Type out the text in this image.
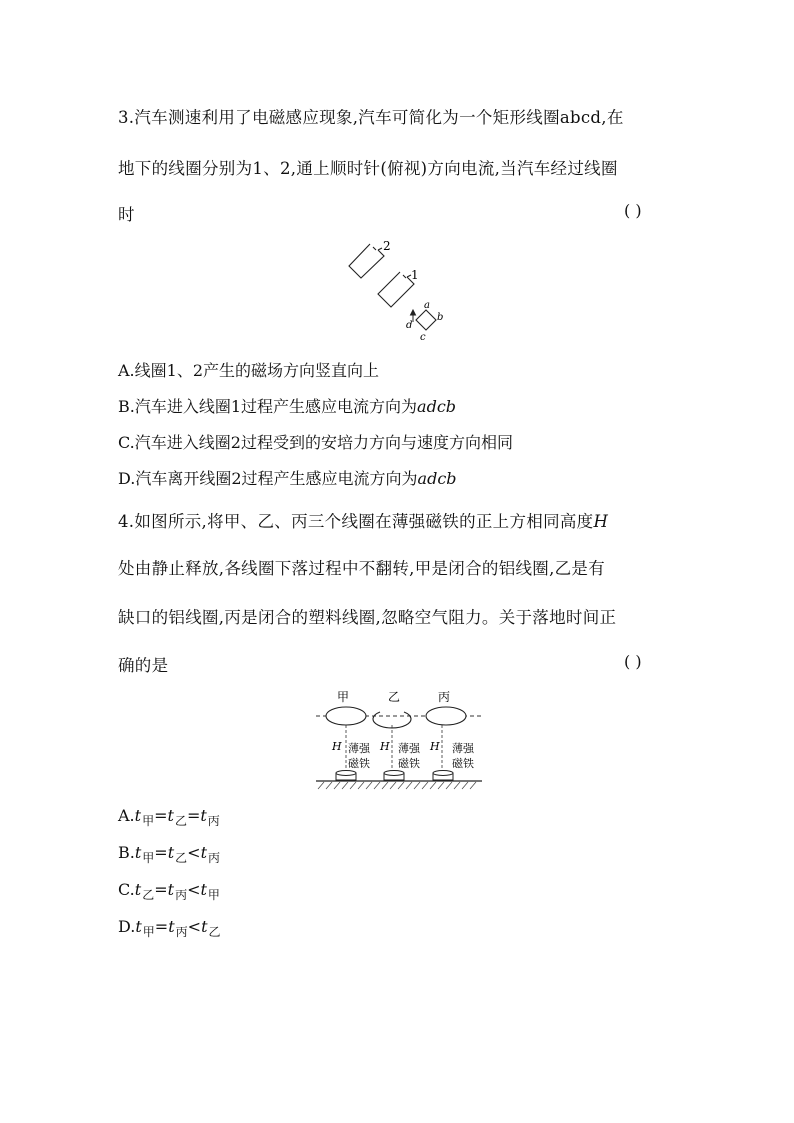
3.汽车测速利用了电磁感应现象,汽车可简化为一个矩形线圈abcd,在
地下的线圈分别为1、2,通上顺时针(俯视)方向电流,当汽车经过线圈
时	( )
2
1
a
b
c
d
A.线圈1、2产生的磁场方向竖直向上
B.汽车进入线圈1过程产生感应电流方向为adcb
C.汽车进入线圈2过程受到的安培力方向与速度方向相同
D.汽车离开线圈2过程产生感应电流方向为adcb
4.如图所示,将甲、乙、丙三个线圈在薄强磁铁的正上方相同高度H
处由静止释放,各线圈下落过程中不翻转,甲是闭合的铝线圈,乙是有
缺口的铝线圈,丙是闭合的塑料线圈,忽略空气阻力。关于落地时间正
确的是	( )
甲	乙	丙
H	H	H
薄强
磁铁
薄强
磁铁
薄强
磁铁
$A.t_甲=t_乙=t_丙$
$B.t_甲=t_乙<t_丙$
$C.t_乙=t_丙<t_甲$
$D.t_甲=t_丙<t_乙$
